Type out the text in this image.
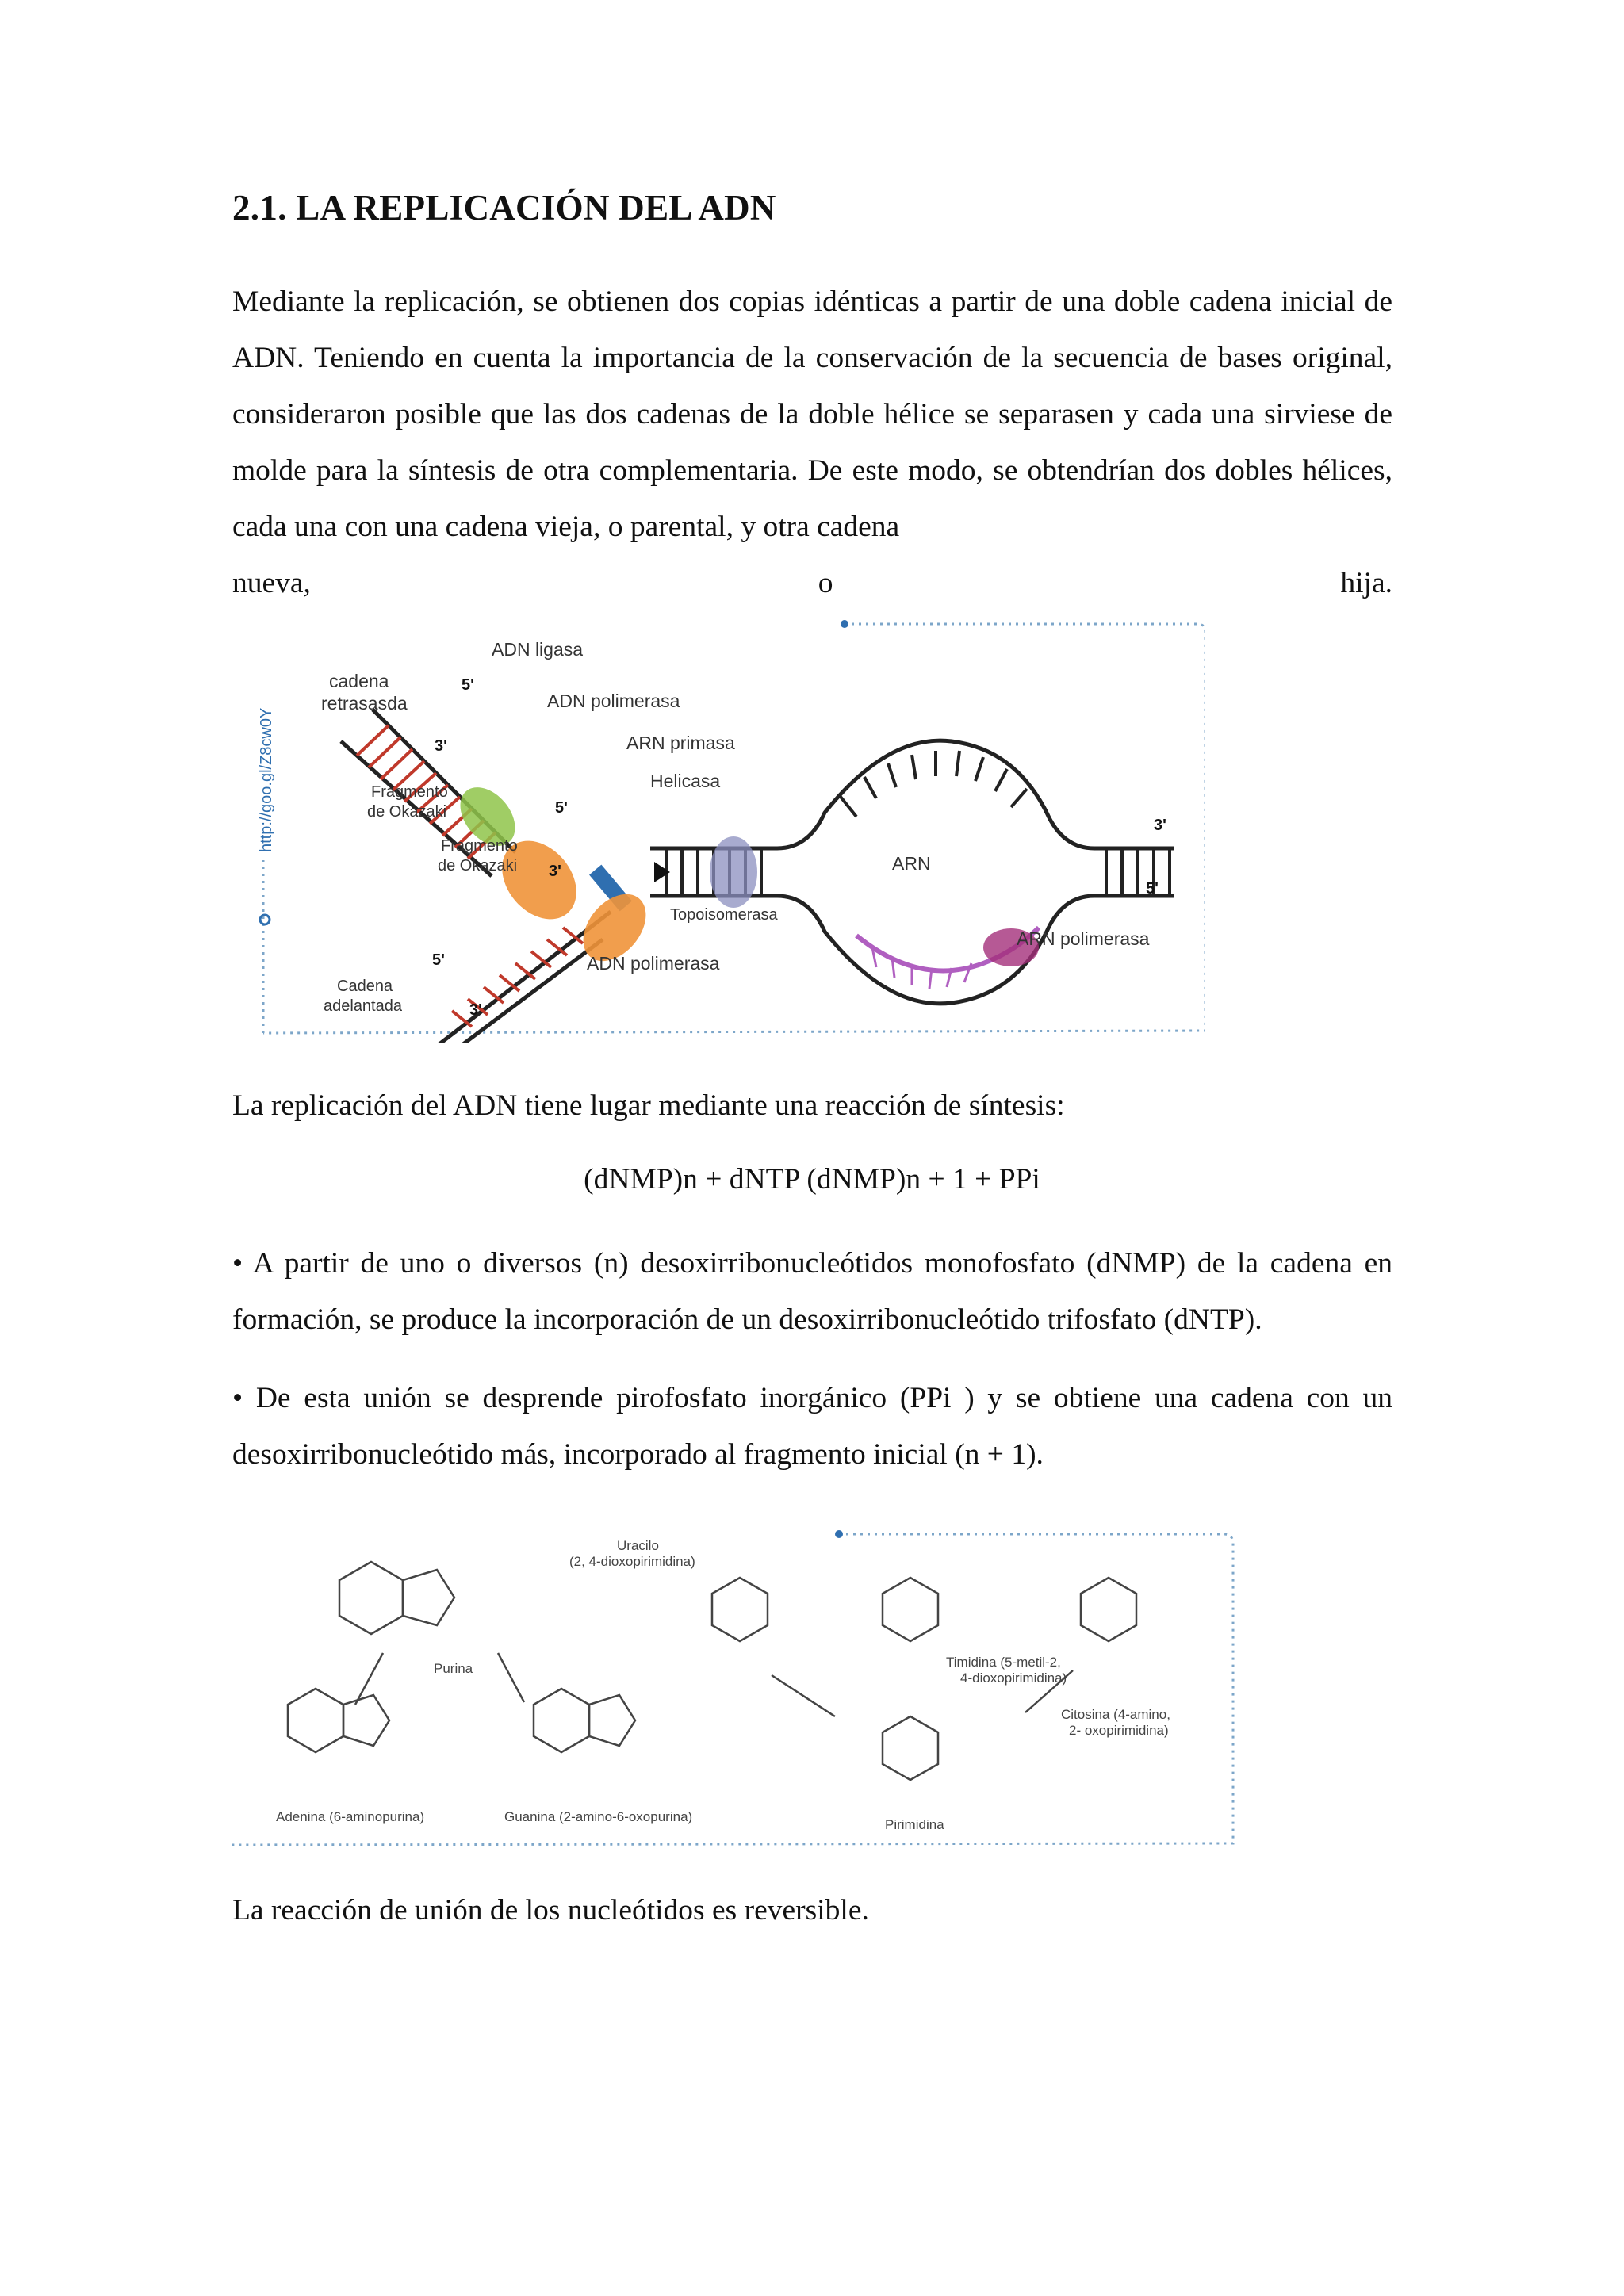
2.1. LA REPLICACIÓN DEL ADN
Mediante la replicación, se obtienen dos copias idénticas a partir de una doble cadena inicial de ADN. Teniendo en cuenta la importancia de la conservación de la secuencia de bases original, consideraron posible que las dos cadenas de la doble hélice se separasen y cada una sirviese de molde para la síntesis de otra complementaria. De este modo, se obtendrían dos dobles hélices, cada una con una cadena vieja, o parental, y otra cadena
nueva,	o	hija.
http://goo.gl/Z8cw0Y
ADN ligasa
cadena
retrasasda	ADN polimerasa
ARN primasa
Helicasa
Fragmento
de Okazaki
Fragmento
de Okazaki
Topoisomerasa
ADN polimerasa
Cadena
adelantada
ARN
ARN polimerasa
5'
3'
3'
5'
5'
3'
5'
3'

La replicación del ADN tiene lugar mediante una reacción de síntesis:

(dNMP)n + dNTP (dNMP)n + 1 + PPi

• A partir de uno o diversos (n) desoxirribonucleótidos monofosfato (dNMP) de la cadena en formación, se produce la incorporación de un desoxirribonucleótido trifosfato (dNTP).

• De esta unión se desprende pirofosfato inorgánico (PPi ) y se obtiene una cadena con un desoxirribonucleótido más, incorporado al fragmento inicial (n + 1).

Purina
Adenina (6-aminopurina)	Guanina (2-amino-6-oxopurina)
Uracilo
(2, 4-dioxopirimidina)
Timidina (5-metil-2,
4-dioxopirimidina)
Citosina (4-amino,
2- oxopirimidina)
Pirimidina

La reacción de unión de los nucleótidos es reversible.
